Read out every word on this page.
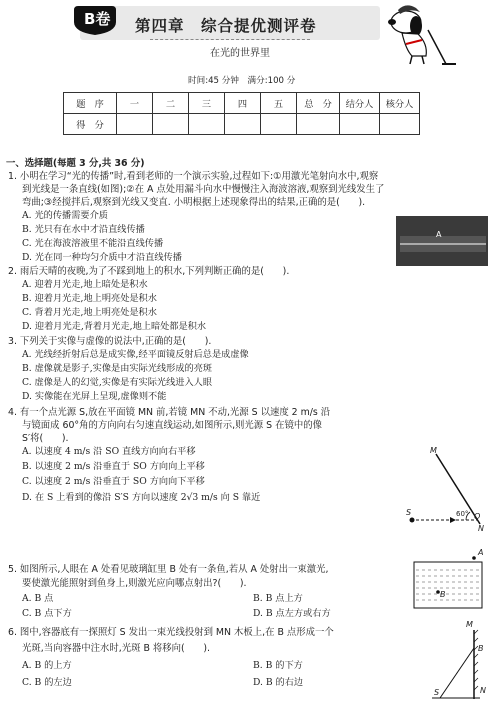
B卷 第四章　综合提优测评卷
在光的世界里
时间:45 分钟　满分:100 分
题　序	一	二	三	四	五	总　分	结分人	核分人
得　分								
一、选择题(每题 3 分,共 36 分)
1. 小明在学习“光的传播”时,看到老师的一个演示实验,过程如下:①用激光笔射向水中,观察
到光线是一条直线(如图);②在 A 点处用漏斗向水中慢慢注入海波溶液,观察到光线发生了
弯曲;③经搅拌后,观察到光线又变直. 小明根据上述现象得出的结果,正确的是(　　).
A. 光的传播需要介质
B. 光只有在水中才沿直线传播
C. 光在海波溶液里不能沿直线传播
D. 光在同一种均匀介质中才沿直线传播
A
2. 雨后天晴的夜晚,为了不踩到地上的积水,下列判断正确的是(　　).
A. 迎着月光走,地上暗处是积水
B. 迎着月光走,地上明亮处是积水
C. 背着月光走,地上明亮处是积水
D. 迎着月光走,背着月光走,地上暗处都是积水
3. 下列关于实像与虚像的说法中,正确的是(　　).
A. 光线经折射后总是成实像,经平面镜反射后总是成虚像
B. 虚像就是影子,实像是由实际光线形成的亮斑
C. 虚像是人的幻觉,实像是有实际光线进入人眼
D. 实像能在光屏上呈现,虚像则不能
4. 有一个点光源 S,放在平面镜 MN 前,若镜 MN 不动,光源 S 以速度 2 m/s 沿
与镜面成 60°角的方向向右匀速直线运动,如图所示,则光源 S 在镜中的像
S′将(　　).
A. 以速度 4 m/s 沿 SO 直线方向向右平移
B. 以速度 2 m/s 沿垂直于 SO 方向向上平移
C. 以速度 2 m/s 沿垂直于 SO 方向向下平移
D. 在 S 上看到的像沿 S′S 方向以速度 2√3 m/s 向 S 靠近
M
N
S	O
60°
5. 如图所示,人眼在 A 处看见玻璃缸里 B 处有一条鱼,若从 A 处射出一束激光,
要使激光能照射到鱼身上,则激光应向哪点射出?(　　).
A. B 点	B. B 点上方
C. B 点下方	D. B 点左方或右方
A
B
6. 图中,容器底有一探照灯 S 发出一束光线投射到 MN 木板上,在 B 点形成一个
光斑,当向容器中注水时,光斑 B 将移向(　　).
A. B 的上方	B. B 的下方
C. B 的左边	D. B 的右边
M
N
B
S
